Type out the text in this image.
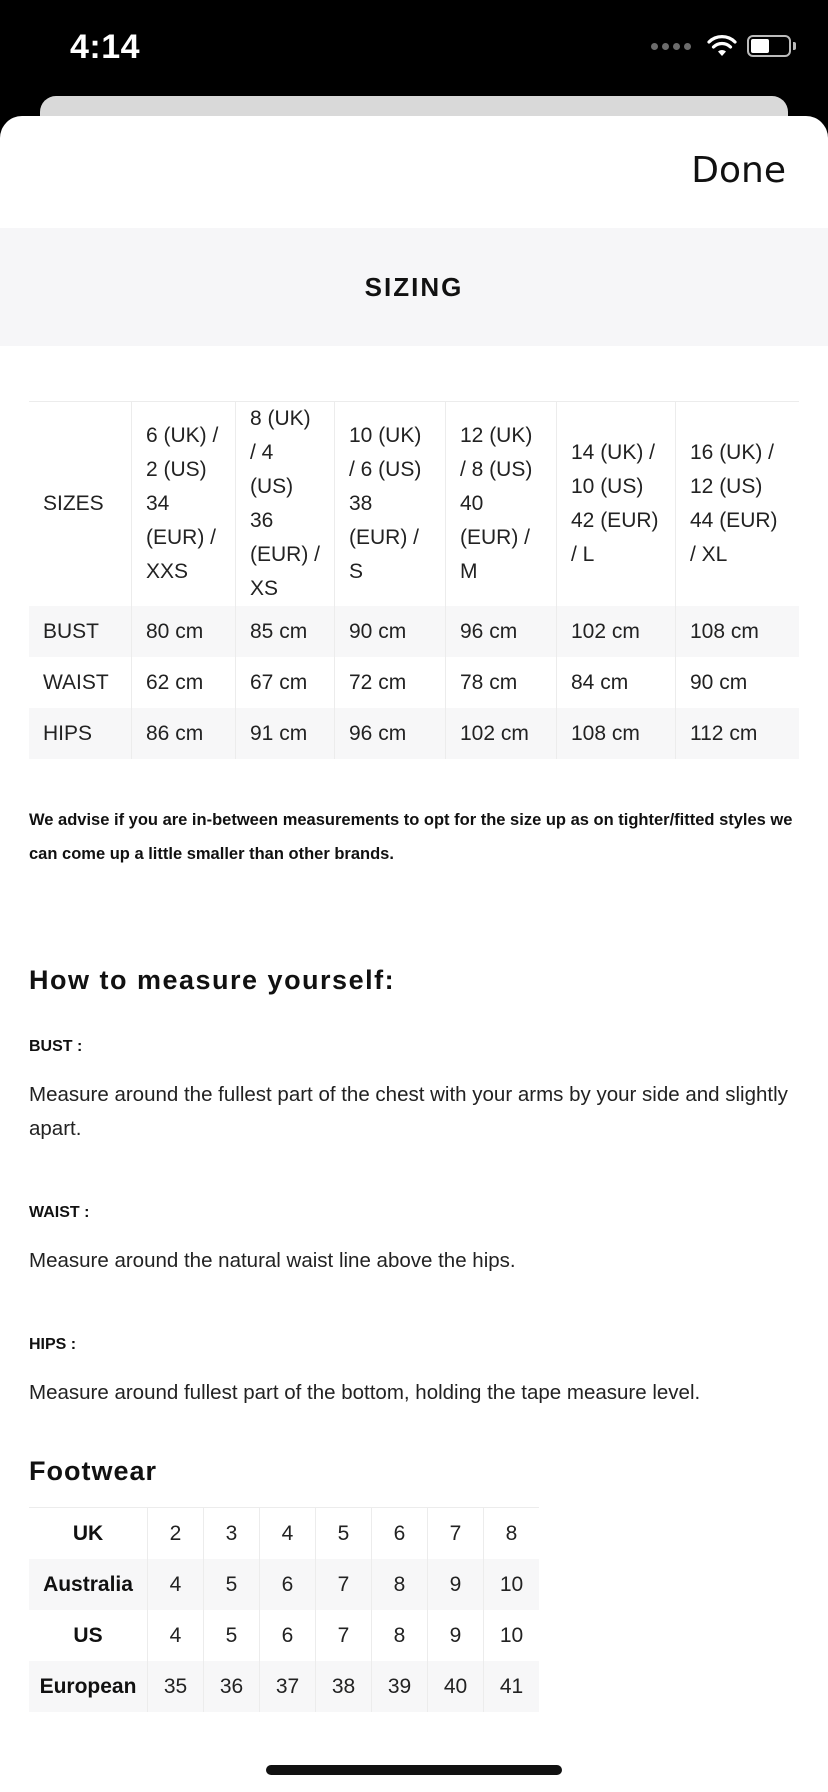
4:14
Done
SIZING
SIZES	6 (UK) / 2 (US) 34 (EUR) / XXS	8 (UK) / 4 (US) 36 (EUR) / XS	10 (UK) / 6 (US) 38 (EUR) / S	12 (UK) / 8 (US) 40 (EUR) / M	14 (UK) / 10 (US) 42 (EUR) / L	16 (UK) / 12 (US) 44 (EUR) / XL
BUST	80 cm	85 cm	90 cm	96 cm	102 cm	108 cm
WAIST	62 cm	67 cm	72 cm	78 cm	84 cm	90 cm
HIPS	86 cm	91 cm	96 cm	102 cm	108 cm	112 cm

We advise if you are in-between measurements to opt for the size up as on tighter/fitted styles we can come up a little smaller than other brands.

How to measure yourself:
BUST :

Measure around the fullest part of the chest with your arms by your side and slightly apart.

WAIST :

Measure around the natural waist line above the hips.

HIPS :

Measure around fullest part of the bottom, holding the tape measure level.

Footwear
UK	2	3	4	5	6	7	8
Australia	4	5	6	7	8	9	10
US	4	5	6	7	8	9	10
European	35	36	37	38	39	40	41
